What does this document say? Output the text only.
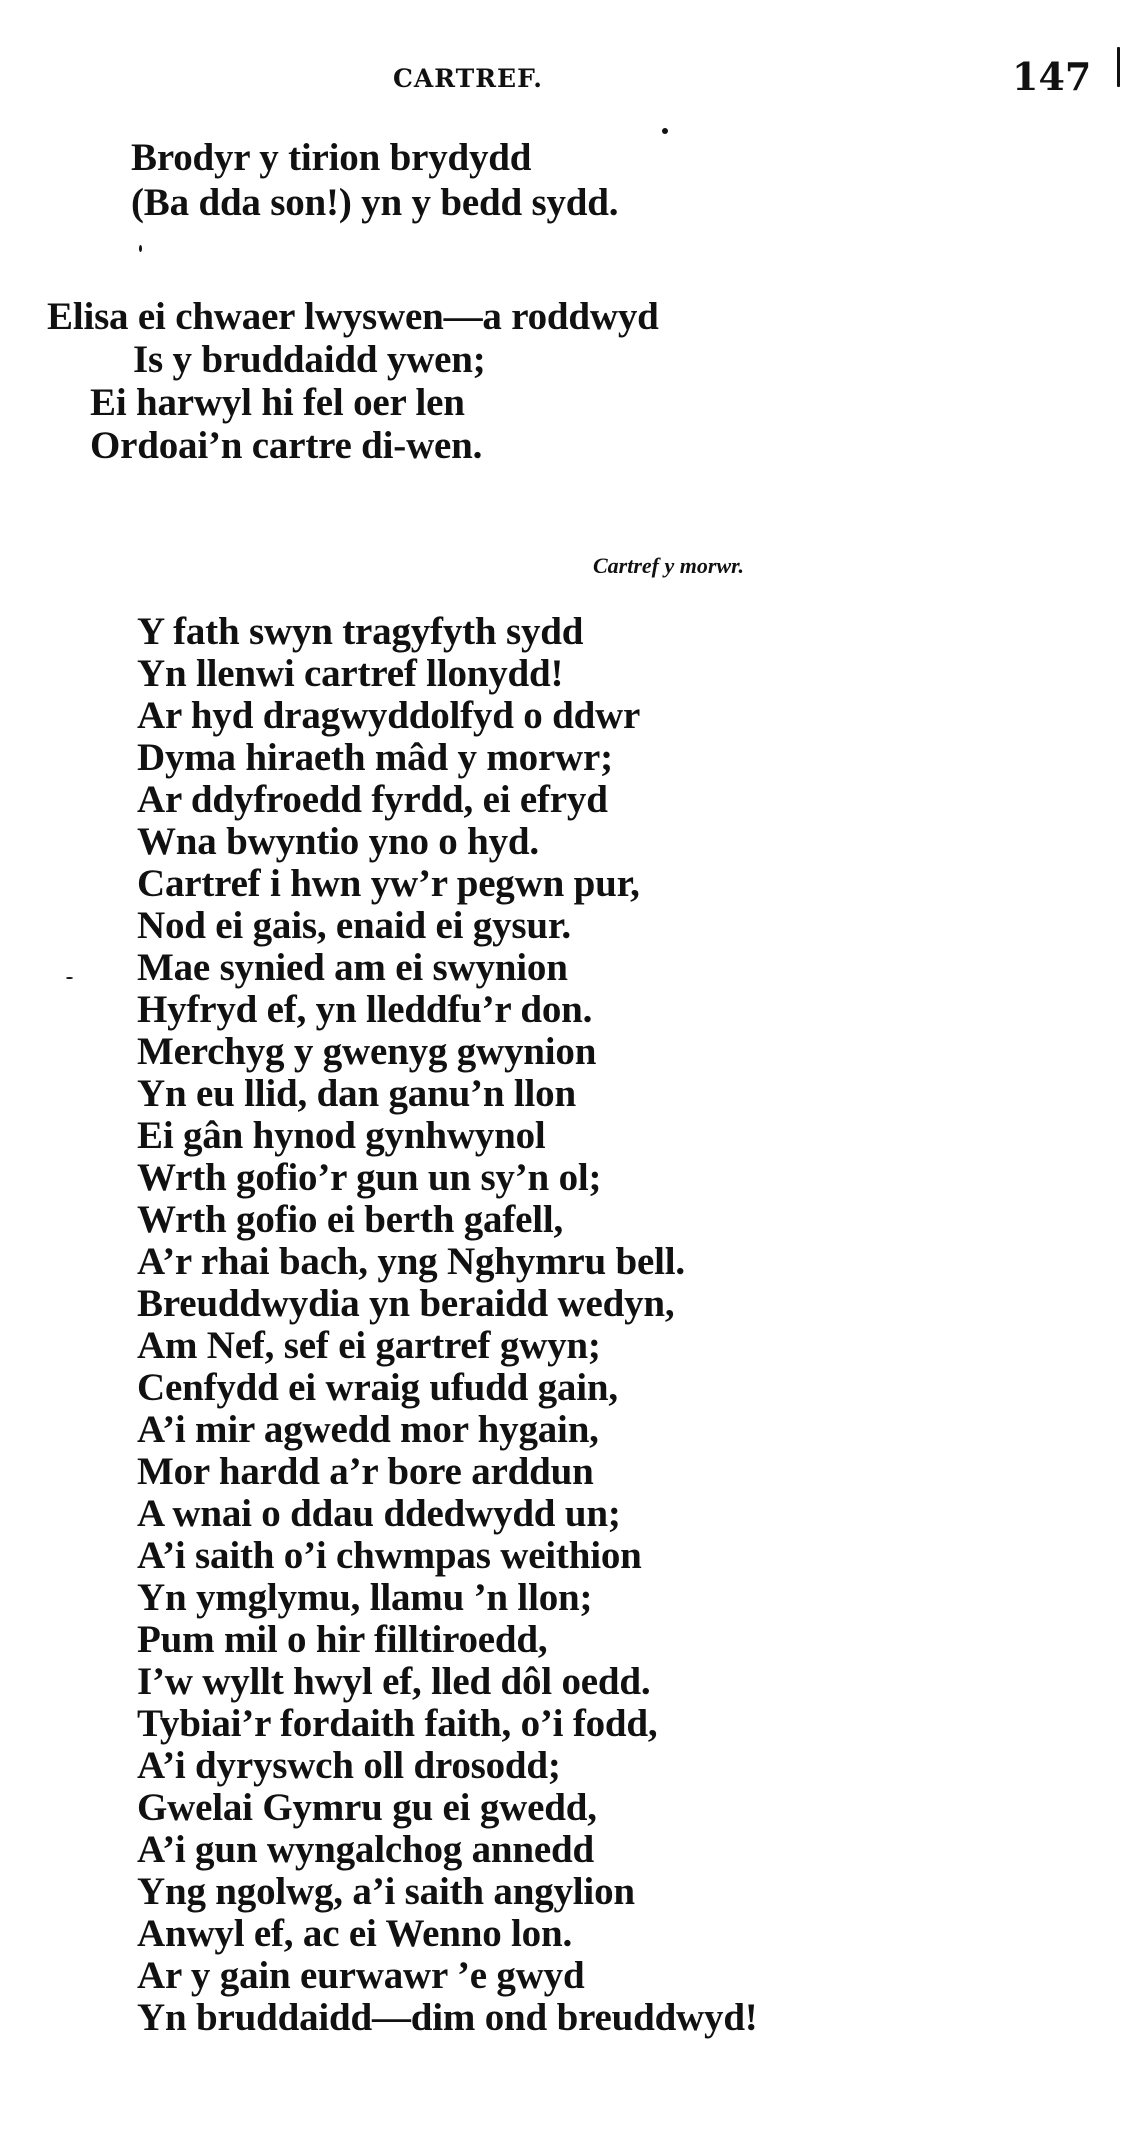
CARTREF.	147
Brodyr y tirion brydydd
(Ba dda son!) yn y bedd sydd.
Elisa ei chwaer lwyswen—a roddwyd
Is y bruddaidd ywen;
Ei harwyl hi fel oer len
Ordoai’n cartre di-wen.
Cartref y morwr.
Y fath swyn tragyfyth sydd
Yn llenwi cartref llonydd!
Ar hyd dragwyddolfyd o ddwr
Dyma hiraeth mâd y morwr;
Ar ddyfroedd fyrdd, ei efryd
Wna bwyntio yno o hyd.
Cartref i hwn yw’r pegwn pur,
Nod ei gais, enaid ei gysur.
Mae synied am ei swynion
Hyfryd ef, yn lleddfu’r don.
Merchyg y gwenyg gwynion
Yn eu llid, dan ganu’n llon
Ei gân hynod gynhwynol
Wrth gofio’r gun un sy’n ol;
Wrth gofio ei berth gafell,
A’r rhai bach, yng Nghymru bell.
Breuddwydia yn beraidd wedyn,
Am Nef, sef ei gartref gwyn;
Cenfydd ei wraig ufudd gain,
A’i mir agwedd mor hygain,
Mor hardd a’r bore arddun
A wnai o ddau ddedwydd un;
A’i saith o’i chwmpas weithion
Yn ymglymu, llamu ’n llon;
Pum mil o hir filltiroedd,
I’w wyllt hwyl ef, lled dôl oedd.
Tybiai’r fordaith faith, o’i fodd,
A’i dyryswch oll drosodd;
Gwelai Gymru gu ei gwedd,
A’i gun wyngalchog annedd
Yng ngolwg, a’i saith angylion
Anwyl ef, ac ei Wenno lon.
Ar y gain eurwawr ’e gwyd
Yn bruddaidd—dim ond breuddwyd!
